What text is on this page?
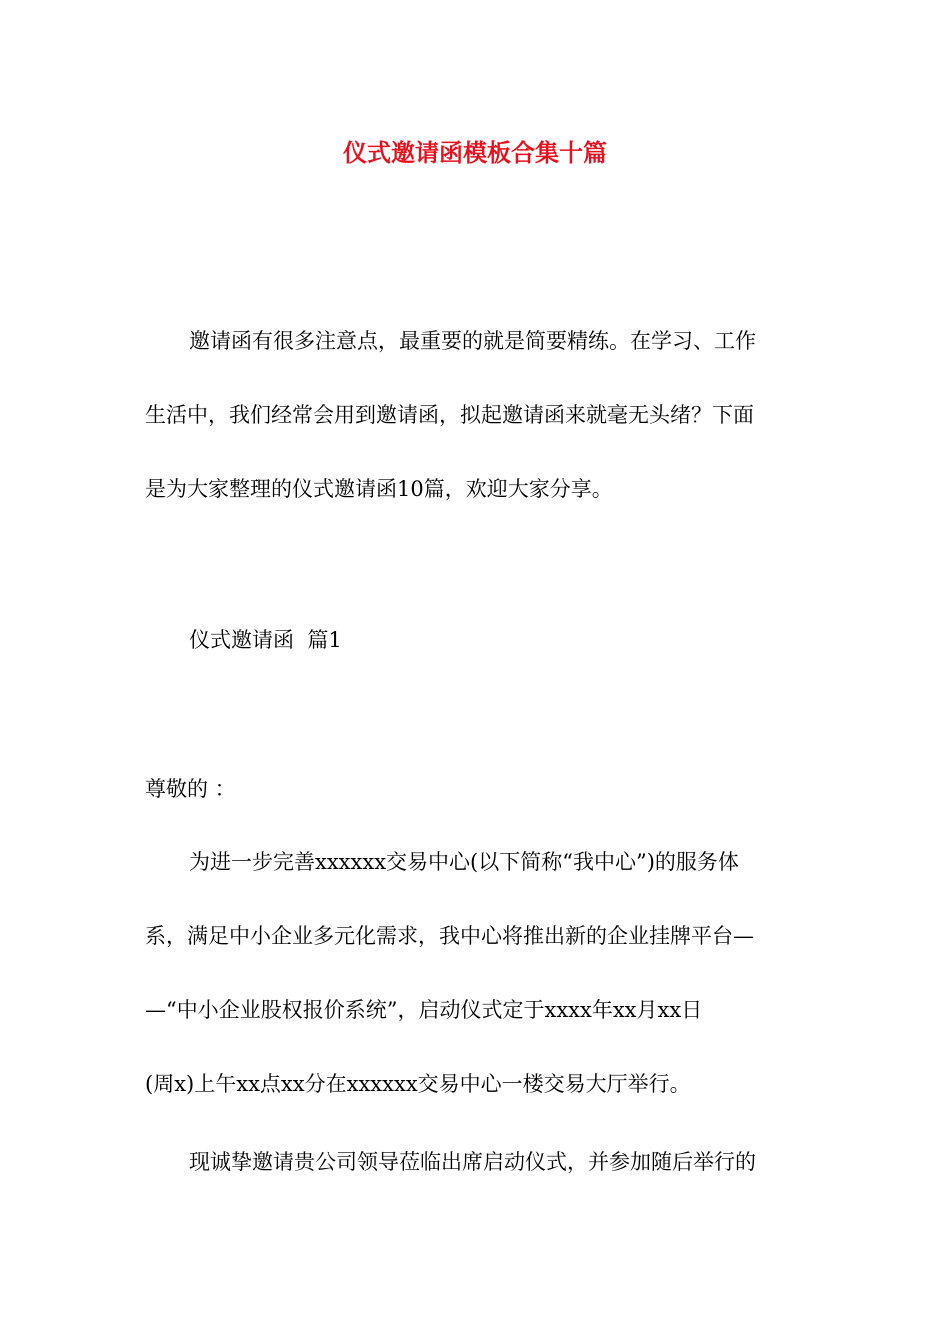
仪式邀请函模板合集十篇
邀请函有很多注意点，最重要的就是简要精练。在学习、工作
生活中，我们经常会用到邀请函，拟起邀请函来就毫无头绪？下面
是为大家整理的仪式邀请函10篇，欢迎大家分享。
仪式邀请函  篇1
尊敬的 ：
为进一步完善xxxxxx交易中心(以下简称“我中心”)的服务体
系，满足中小企业多元化需求，我中心将推出新的企业挂牌平台—
—“中小企业股权报价系统”，启动仪式定于xxxx年xx月xx日
(周x)上午xx点xx分在xxxxxx交易中心一楼交易大厅举行。
现诚挚邀请贵公司领导莅临出席启动仪式，并参加随后举行的
